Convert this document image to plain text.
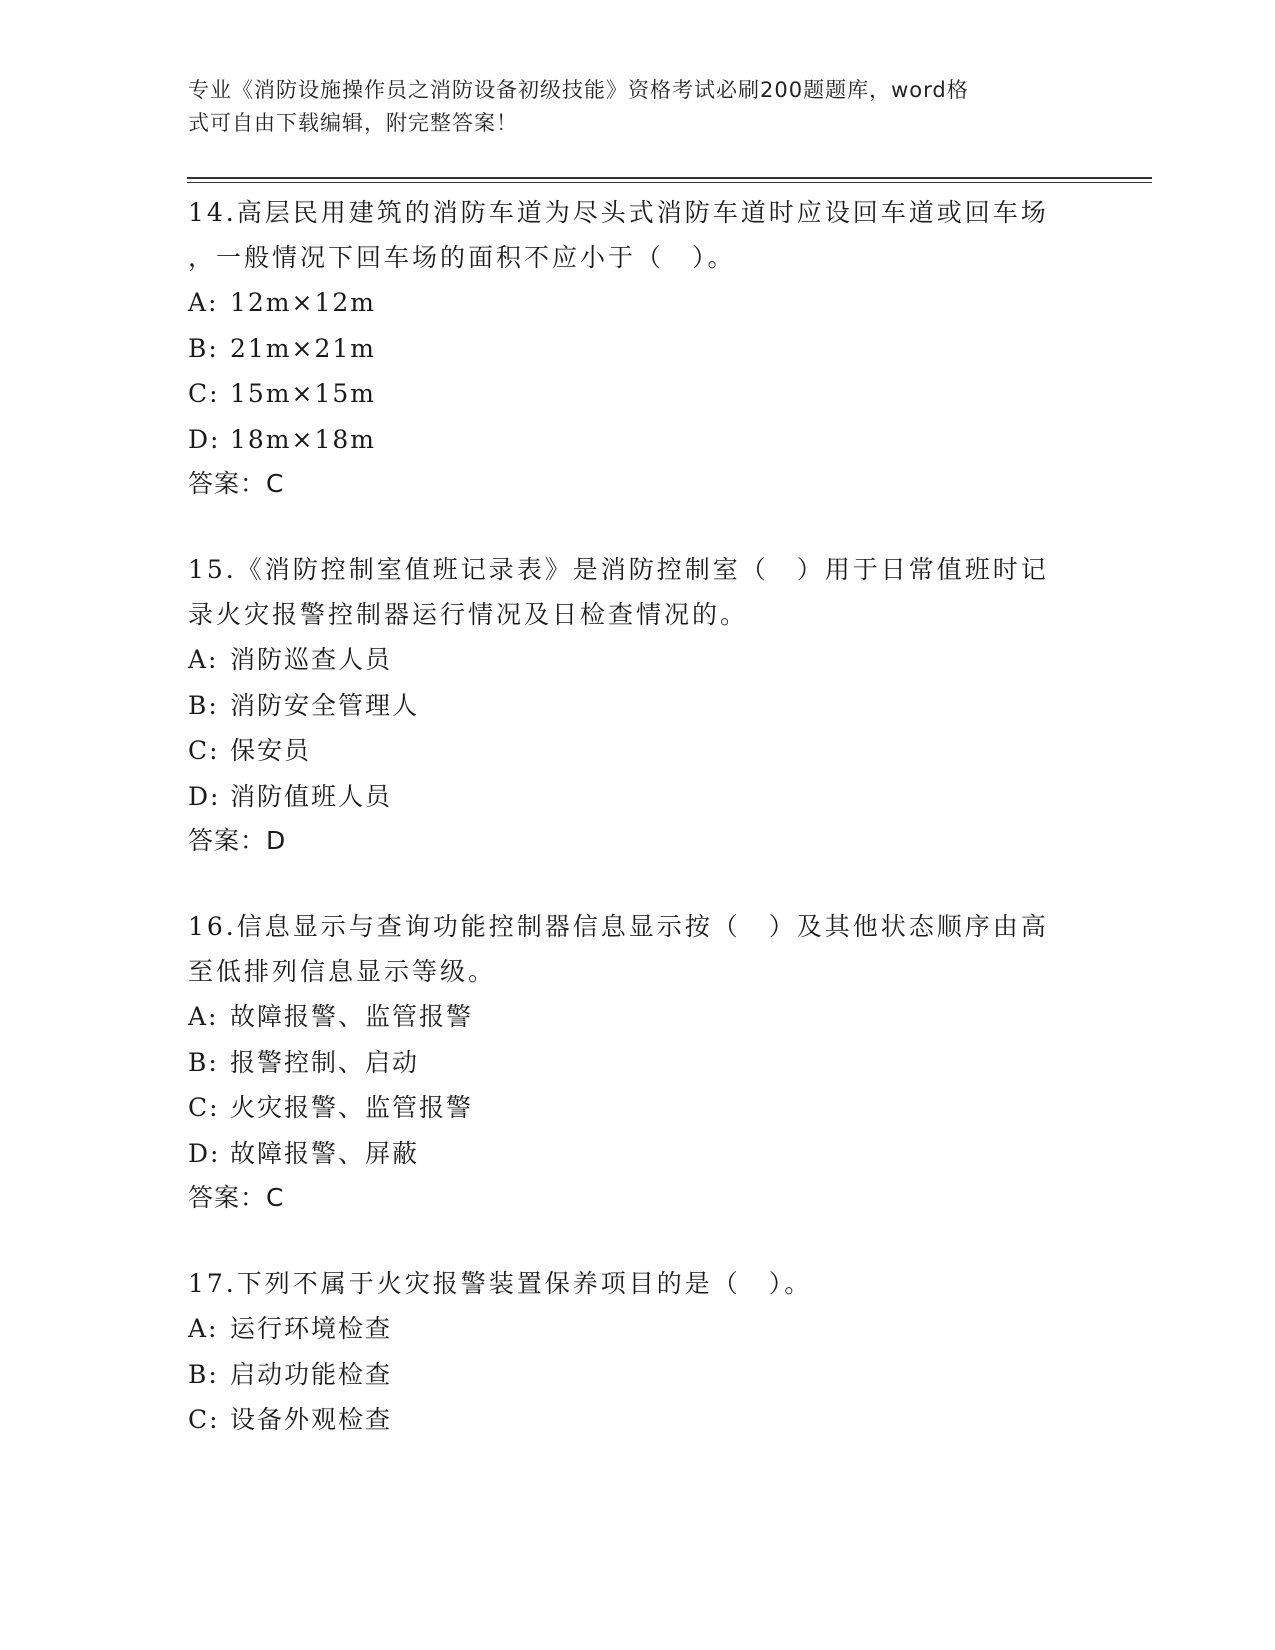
专业《消防设施操作员之消防设备初级技能》资格考试必刷200题题库，word格
式可自由下载编辑，附完整答案！

14.高层民用建筑的消防车道为尽头式消防车道时应设回车道或回车场
，一般情况下回车场的面积不应小于（　）。

A: 12m×12m

B: 21m×21m

C: 15m×15m

D: 18m×18m

答案：C

15.《消防控制室值班记录表》是消防控制室（　）用于日常值班时记
录火灾报警控制器运行情况及日检查情况的。

A: 消防巡查人员

B: 消防安全管理人

C: 保安员

D: 消防值班人员

答案：D

16.信息显示与查询功能控制器信息显示按（　）及其他状态顺序由高
至低排列信息显示等级。

A: 故障报警、监管报警

B: 报警控制、启动

C: 火灾报警、监管报警

D: 故障报警、屏蔽

答案：C

17.下列不属于火灾报警装置保养项目的是（　）。

A: 运行环境检查

B: 启动功能检查

C: 设备外观检查
